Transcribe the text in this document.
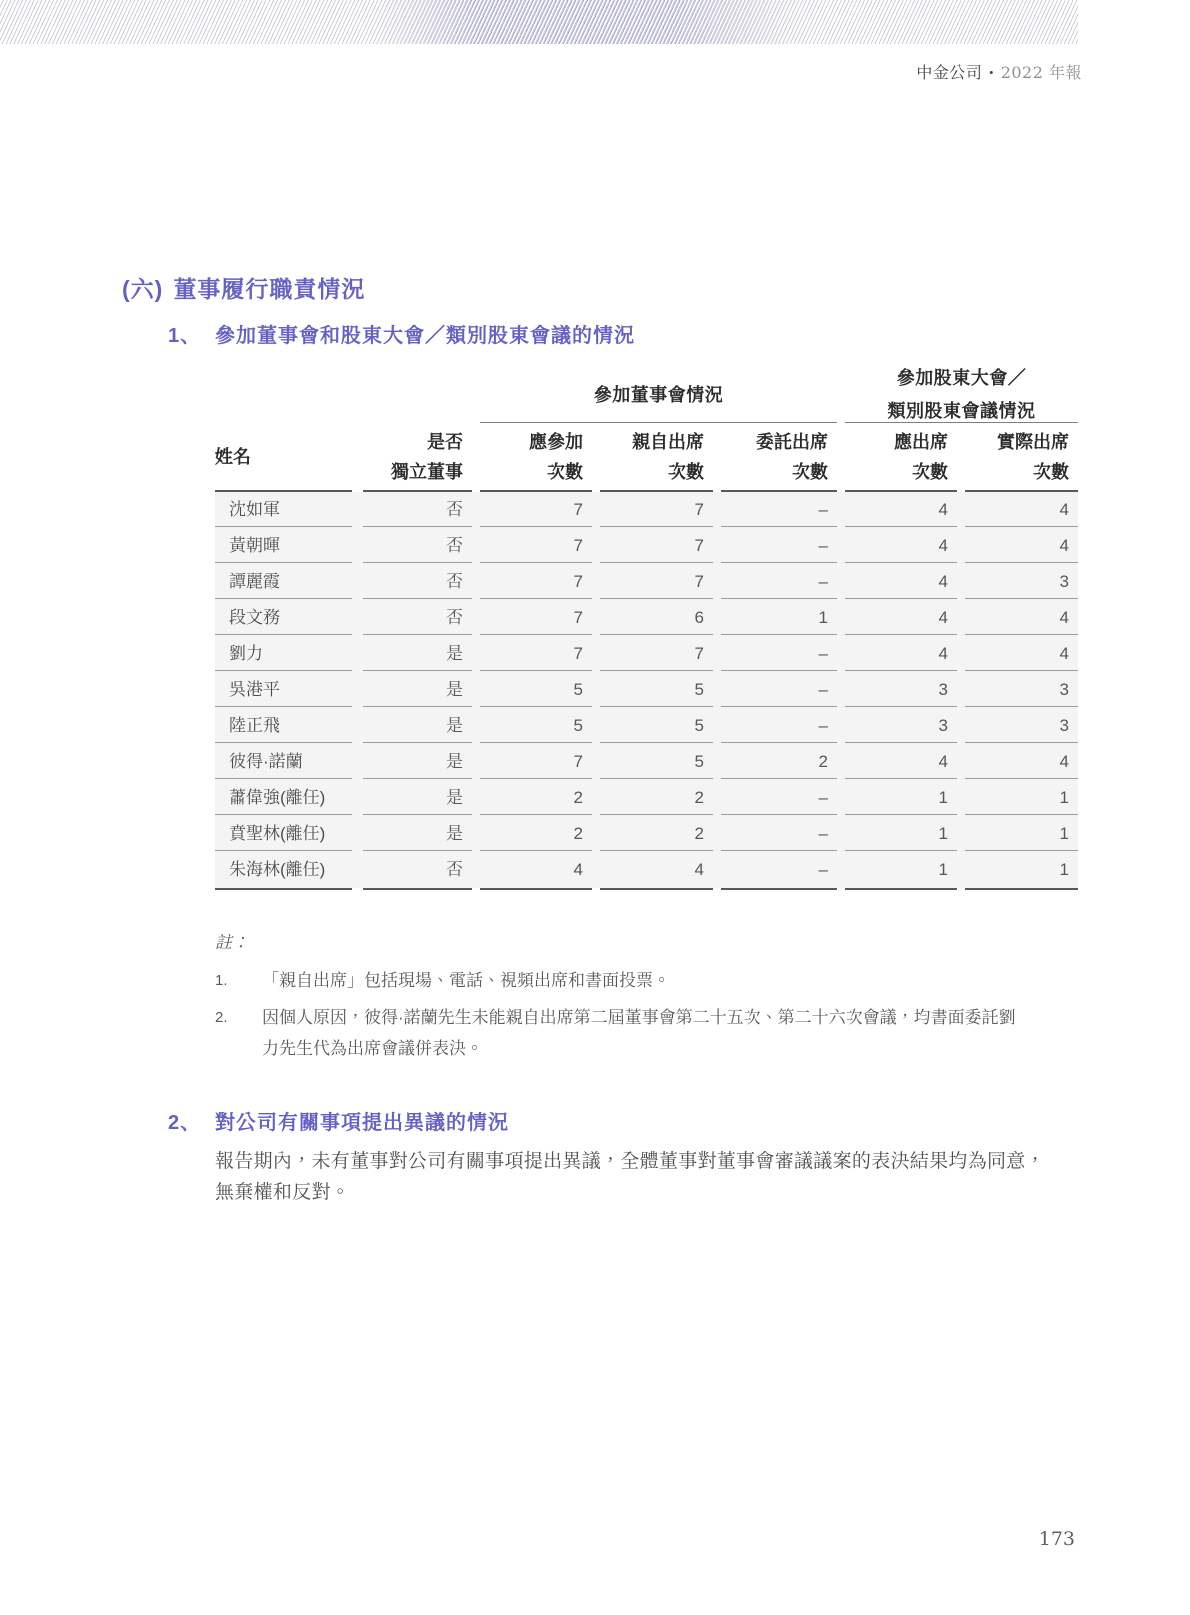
中金公司 • 2022 年報
(六) 董事履行職責情況
1、 參加董事會和股東大會／類別股東會議的情況
參加董事會情況
參加股東大會／
類別股東會議情況
姓名
是否	應參加	親自出席	委託出席	應出席	實際出席
獨立董事	次數	次數	次數	次數	次數
沈如軍	否	7	7	–	4	4
黃朝暉	否	7	7	–	4	4
譚麗霞	否	7	7	–	4	3
段文務	否	7	6	1	4	4
劉力	是	7	7	–	4	4
吳港平	是	5	5	–	3	3
陸正飛	是	5	5	–	3	3
彼得·諾蘭	是	7	5	2	4	4
蕭偉強(離任)	是	2	2	–	1	1
賁聖林(離任)	是	2	2	–	1	1
朱海林(離任)	否	4	4	–	1	1
註：
1.	「親自出席」包括現場、電話、視頻出席和書面投票。
2.	因個人原因，彼得·諾蘭先生未能親自出席第二屆董事會第二十五次、第二十六次會議，均書面委託劉力先生代為出席會議併表決。
2、 對公司有關事項提出異議的情況
報告期內，未有董事對公司有關事項提出異議，全體董事對董事會審議議案的表決結果均為同意，無棄權和反對。
173
